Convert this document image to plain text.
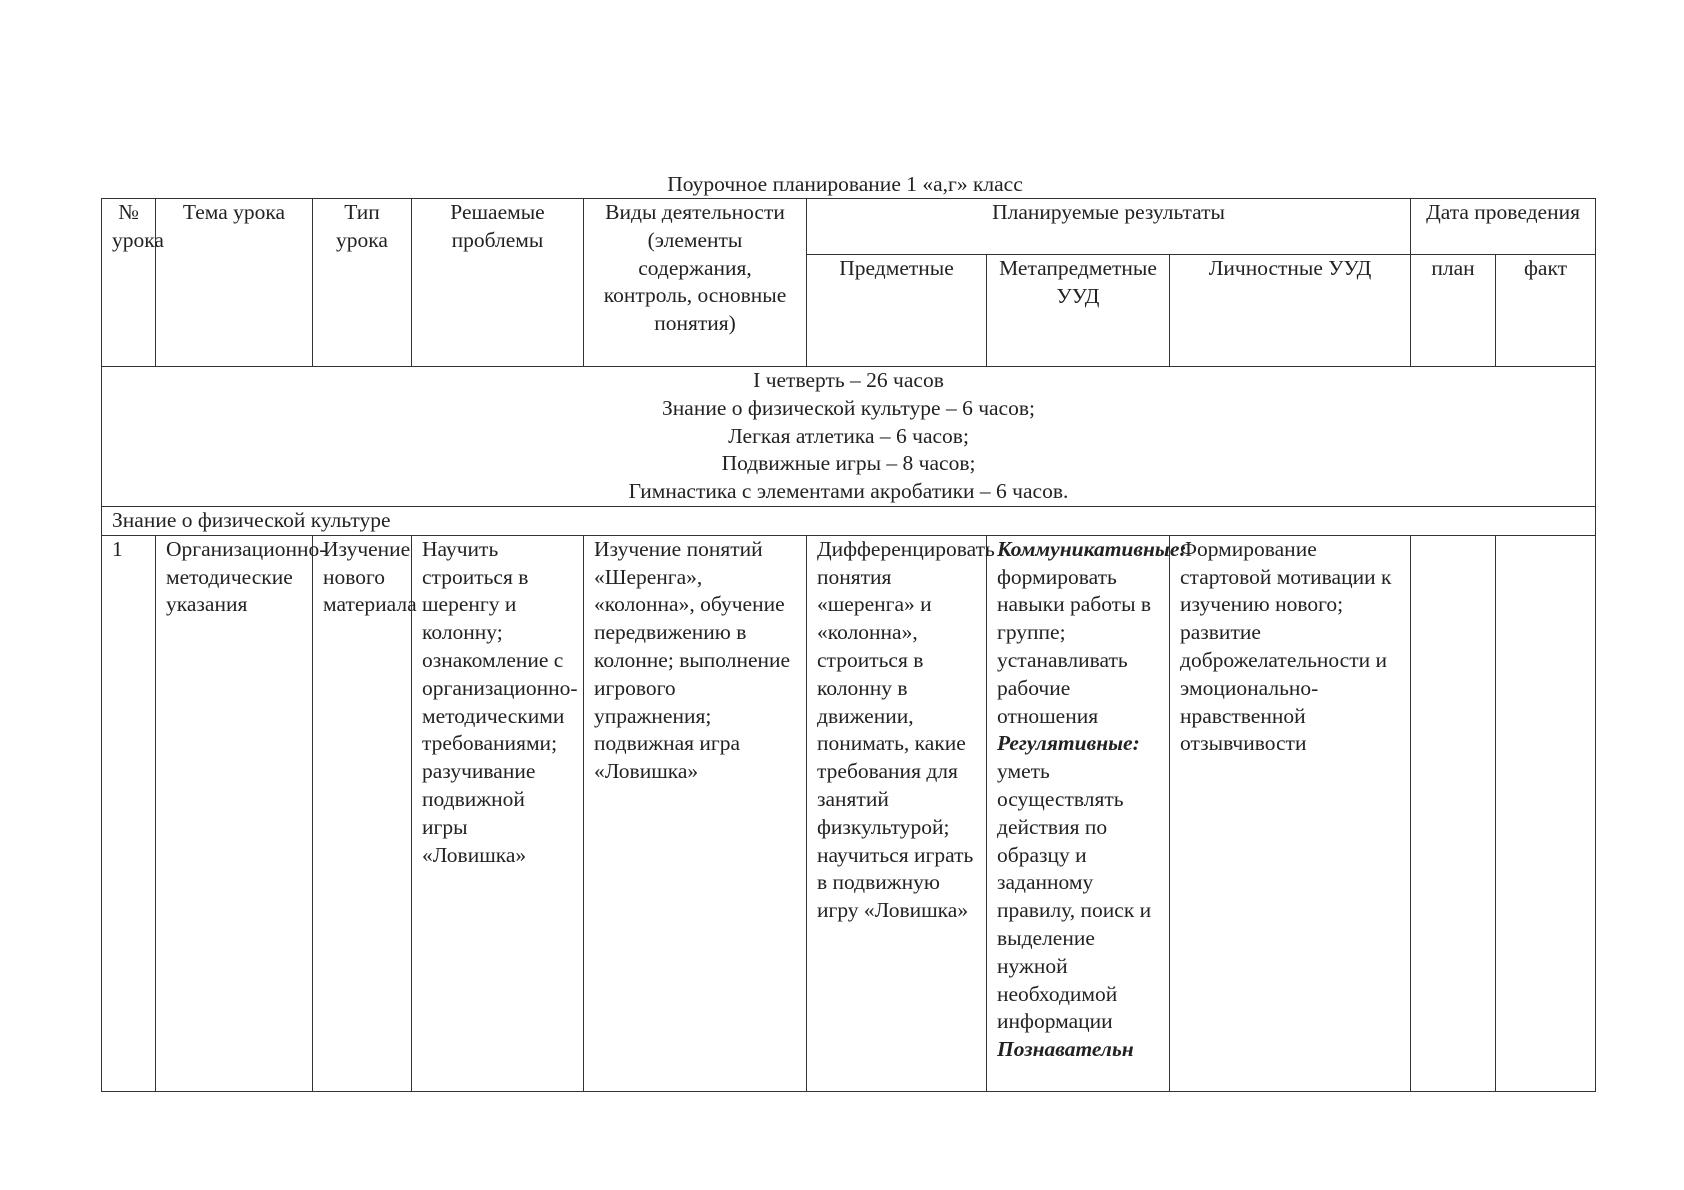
Поурочное планирование 1 «а,г» класс
№ урока	Тема урока	Тип урока	Решаемые проблемы	Виды деятельности (элементы содержания, контроль, основные понятия)	Планируемые результаты			Дата проведения	
					Предметные	Метапредметные УУД	Личностные УУД	план	факт

I четверть – 26 часов
Знание о физической культуре – 6 часов;
Легкая атлетика – 6 часов;
Подвижные игры – 8 часов;
Гимнастика с элементами акробатики – 6 часов.									

Знание о физической культуре									
1	Организационно-методические указания	Изучение нового материала	Научить строиться в шеренгу и колонну; ознакомление с организационно-методическими требованиями; разучивание подвижной игры «Ловишка»	Изучение понятий «Шеренга», «колонна», обучение передвижению в колонне; выполнение игрового упражнения; подвижная игра «Ловишка»	Дифференцировать понятия «шеренга» и «колонна», строиться в колонну в движении, понимать, какие требования для занятий физкультурой; научиться играть в подвижную игру «Ловишка»	Коммуникативные: формировать навыки работы в группе; устанавливать рабочие отношения
Регулятивные: уметь осуществлять действия по образцу и заданному правилу, поиск и выделение нужной необходимой информации
Познавательн	Формирование стартовой мотивации к изучению нового; развитие доброжелательности и эмоционально-нравственной отзывчивости		
